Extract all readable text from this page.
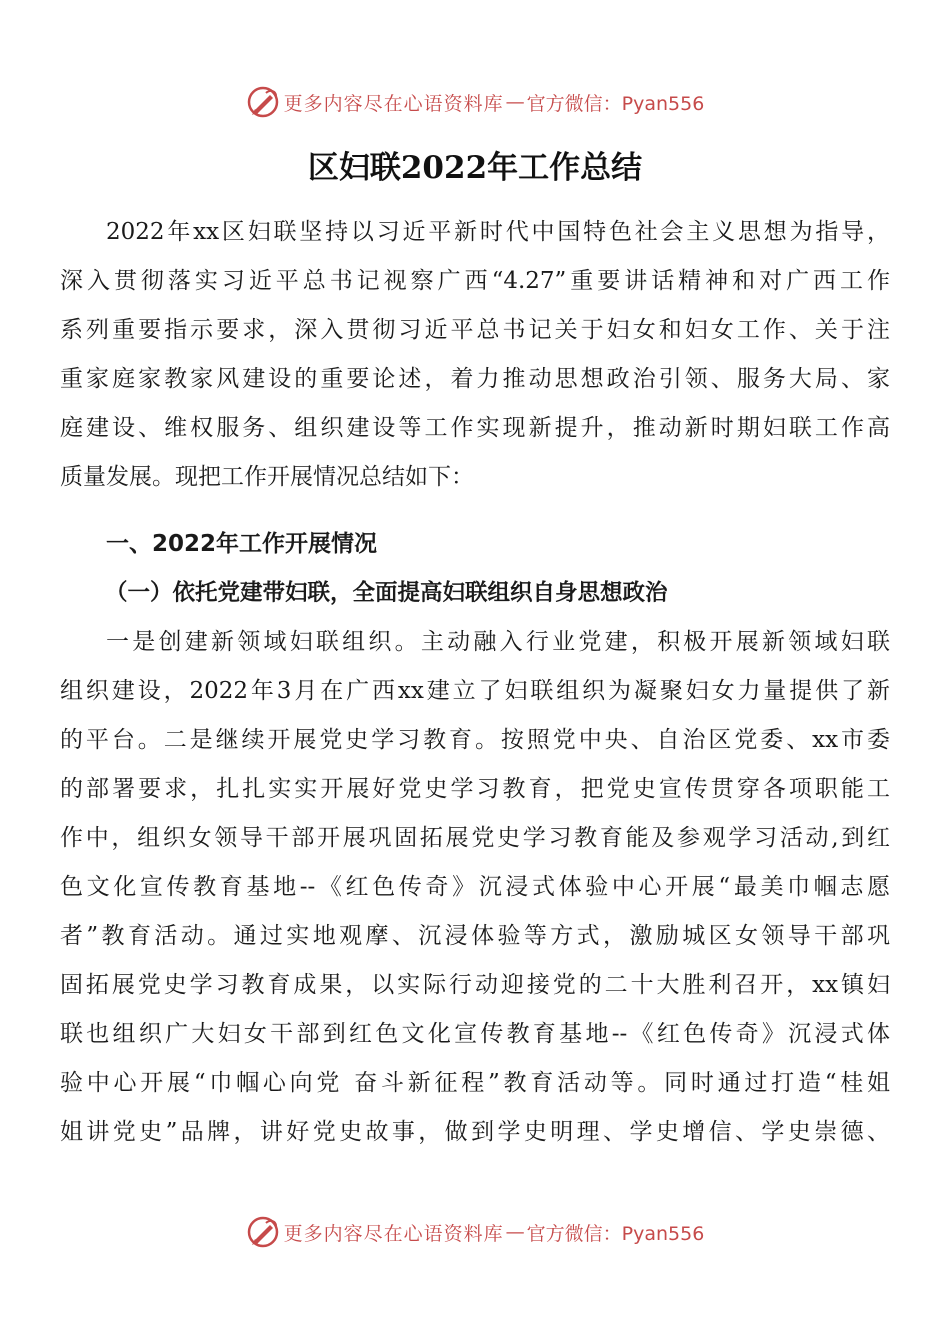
更多内容尽在心语资料库 — 官方微信：Pyan556
区妇联2022年工作总结
2022年xx区妇联坚持以习近平新时代中国特色社会主义思想为指导，
深入贯彻落实习近平总书记视察广西“4.27”重要讲话精神和对广西工作
系列重要指示要求，深入贯彻习近平总书记关于妇女和妇女工作、关于注
重家庭家教家风建设的重要论述，着力推动思想政治引领、服务大局、家
庭建设、维权服务、组织建设等工作实现新提升，推动新时期妇联工作高
质量发展。现把工作开展情况总结如下：
一、2022年工作开展情况
（一）依托党建带妇联，全面提高妇联组织自身思想政治
一是创建新领域妇联组织。主动融入行业党建，积极开展新领域妇联
组织建设，2022年3月在广西xx建立了妇联组织为凝聚妇女力量提供了新
的平台。二是继续开展党史学习教育。按照党中央、自治区党委、xx市委
的部署要求，扎扎实实开展好党史学习教育，把党史宣传贯穿各项职能工
作中，组织女领导干部开展巩固拓展党史学习教育能及参观学习活动,到红
色文化宣传教育基地--《红色传奇》沉浸式体验中心开展“最美巾帼志愿
者”教育活动。通过实地观摩、沉浸体验等方式，激励城区女领导干部巩
固拓展党史学习教育成果，以实际行动迎接党的二十大胜利召开，xx镇妇
联也组织广大妇女干部到红色文化宣传教育基地--《红色传奇》沉浸式体
验中心开展“巾帼心向党 奋斗新征程”教育活动等。同时通过打造“桂姐
姐讲党史”品牌，讲好党史故事，做到学史明理、学史增信、学史崇德、
更多内容尽在心语资料库 — 官方微信：Pyan556
